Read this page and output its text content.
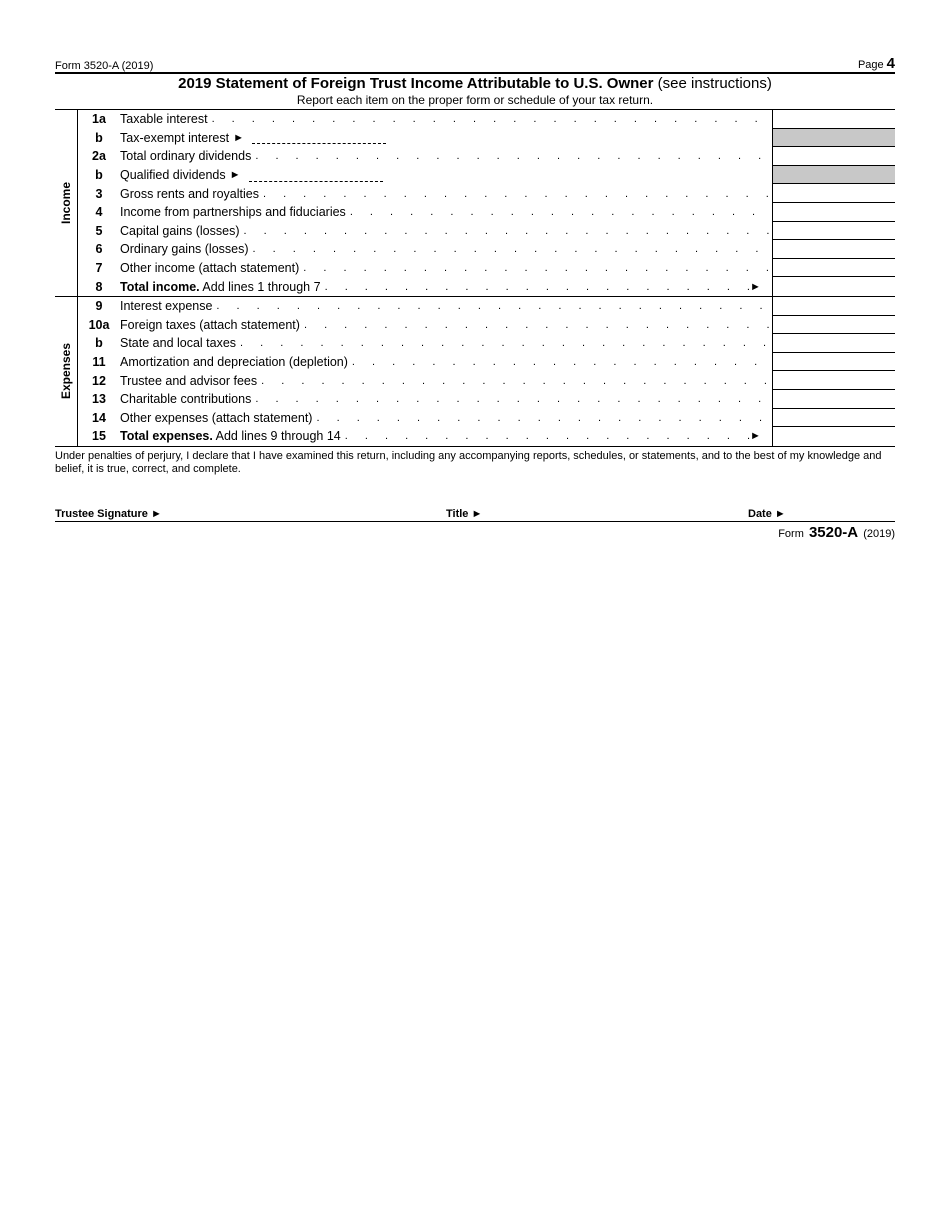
Form 3520-A (2019)	Page 4
2019 Statement of Foreign Trust Income Attributable to U.S. Owner (see instructions)
Report each item on the proper form or schedule of your tax return.
Income
1a	Taxable interest
. . .
b	Tax-exempt interest ►
2a	Total ordinary dividends
. . .
b	Qualified dividends ►
3	Gross rents and royalties
. . .
4	Income from partnerships and fiduciaries
. . .
5	Capital gains (losses)
. . .
6	Ordinary gains (losses)
. . .
7	Other income (attach statement)
. . .
8	Total income. Add lines 1 through 7 . . .	►
Expenses
9	Interest expense
. . .
10a Foreign taxes (attach statement)
. . .
b	State and local taxes
. . .
11	Amortization and depreciation (depletion)
. . .
12	Trustee and advisor fees
. . .
13	Charitable contributions
. . .
14	Other expenses (attach statement)
. . .
15	Total expenses. Add lines 9 through 14 . . .	►
Under penalties of perjury, I declare that I have examined this return, including any accompanying reports, schedules, or statements, and to the best of my knowledge and belief, it is true, correct, and complete.
Trustee Signature ►	Title ►	Date ►
Form 3520-A (2019)
